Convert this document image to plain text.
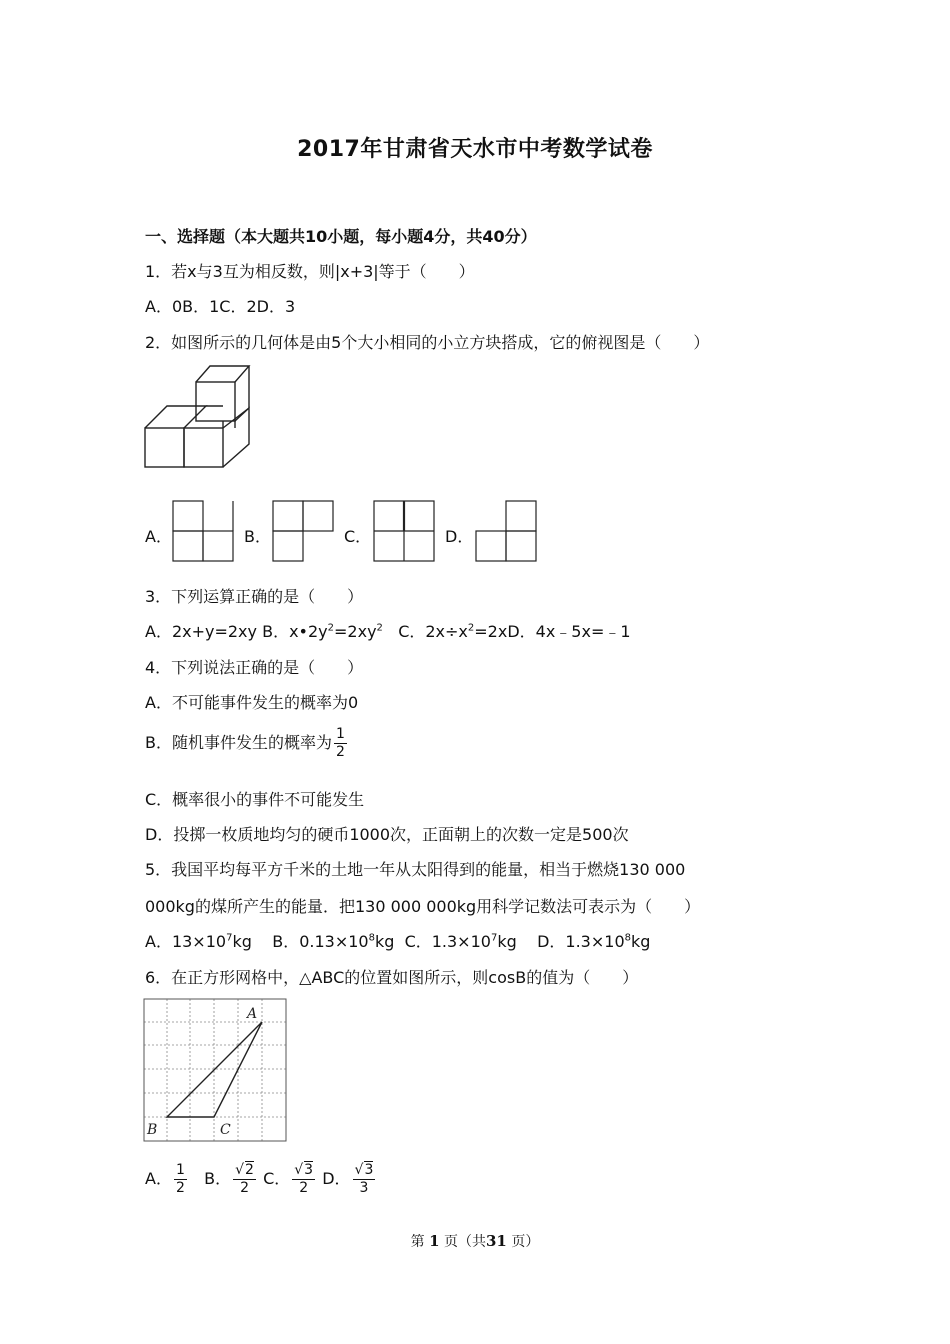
2017年甘肃省天水市中考数学试卷
一、选择题（本大题共10小题，每小题4分，共40分）
1．若x与3互为相反数，则|x+3|等于（　　）
A．0B．1C．2D．3
2．如图所示的几何体是由5个大小相同的小立方块搭成，它的俯视图是（　　）
A．	B．	C．	D．
3．下列运算正确的是（　　）
A．2x+y=2xy B．$x•2y^2=2xy^2$ C．$2x\div x^2=2xD$．4x﹣5x=﹣1
4．下列说法正确的是（　　）
A．不可能事件发生的概率为0
B．随机事件发生的概率为 $\frac{1}{2}$
C．概率很小的事件不可能发生
D．投掷一枚质地均匀的硬币1000次，正面朝上的次数一定是500次
5．我国平均每平方千米的土地一年从太阳得到的能量，相当于燃烧130 000
000kg的煤所产生的能量．把130 000 000kg用科学记数法可表示为（　　）
A．$13\times 10^7kg$ B．$0.13\times 10^8kg$ C．$1.3\times 10^7kg$ D．$1.3\times 10^8kg$
6．在正方形网格中，△ABC的位置如图所示，则cosB的值为（　　）
A
B	C
A． $\frac{1}{2}$ B． $\frac{√2}{2}$ C． $\frac{√3}{2}$ D． $\frac{√3}{3}$
第 1 页（共31 页）
